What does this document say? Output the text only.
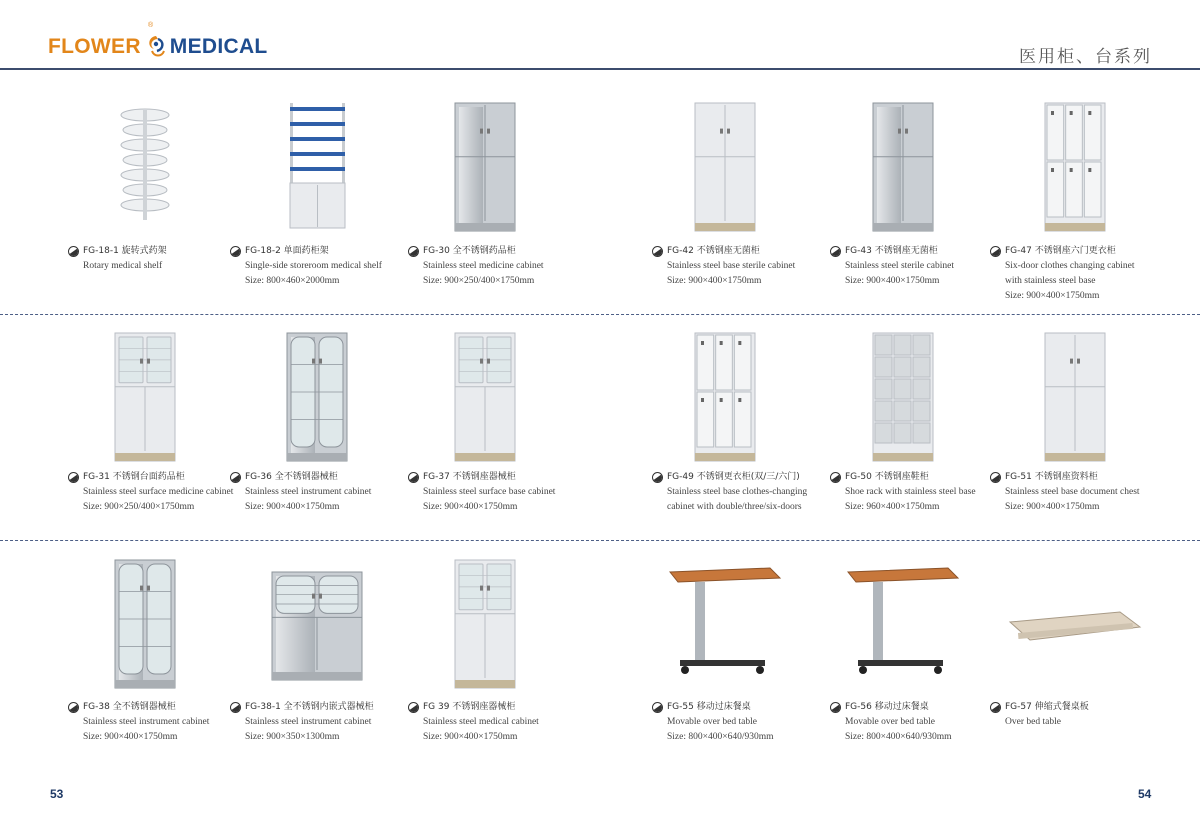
FLOWER MEDICAL
®
医用柜、台系列
FG-18-1 旋转式药架
Rotary medical shelf
FG-18-2 单面药柜架
Single-side storeroom medical shelf
Size: 800×460×2000mm
FG-30 全不锈钢药品柜
Stainless steel medicine cabinet
Size: 900×250/400×1750mm
FG-42 不锈钢座无菌柜
Stainless steel base sterile cabinet
Size: 900×400×1750mm
FG-43 不锈钢座无菌柜
Stainless steel sterile cabinet
Size: 900×400×1750mm
FG-47 不锈钢座六门更衣柜
Six-door clothes changing cabinet
with stainless steel base
Size: 900×400×1750mm
FG-31 不锈钢台面药品柜
Stainless steel surface medicine cabinet
Size: 900×250/400×1750mm
FG-36 全不锈钢器械柜
Stainless steel instrument cabinet
Size: 900×400×1750mm
FG-37 不锈钢座器械柜
Stainless steel surface base cabinet
Size: 900×400×1750mm
FG-49 不锈钢更衣柜(双/三/六门)
Stainless steel base clothes-changing
cabinet with double/three/six-doors
FG-50 不锈钢座鞋柜
Shoe rack with stainless steel base
Size: 960×400×1750mm
FG-51 不锈钢座资料柜
Stainless steel base document chest
Size: 900×400×1750mm
FG-38 全不锈钢器械柜
Stainless steel instrument cabinet
Size: 900×400×1750mm
FG-38-1 全不锈钢内嵌式器械柜
Stainless steel instrument cabinet
Size: 900×350×1300mm
FG 39 不锈钢座器械柜
Stainless steel medical cabinet
Size: 900×400×1750mm
FG-55 移动过床餐桌
Movable over bed table
Size: 800×400×640/930mm
FG-56 移动过床餐桌
Movable over bed table
Size: 800×400×640/930mm
FG-57 伸缩式餐桌板
Over bed table
53	54
